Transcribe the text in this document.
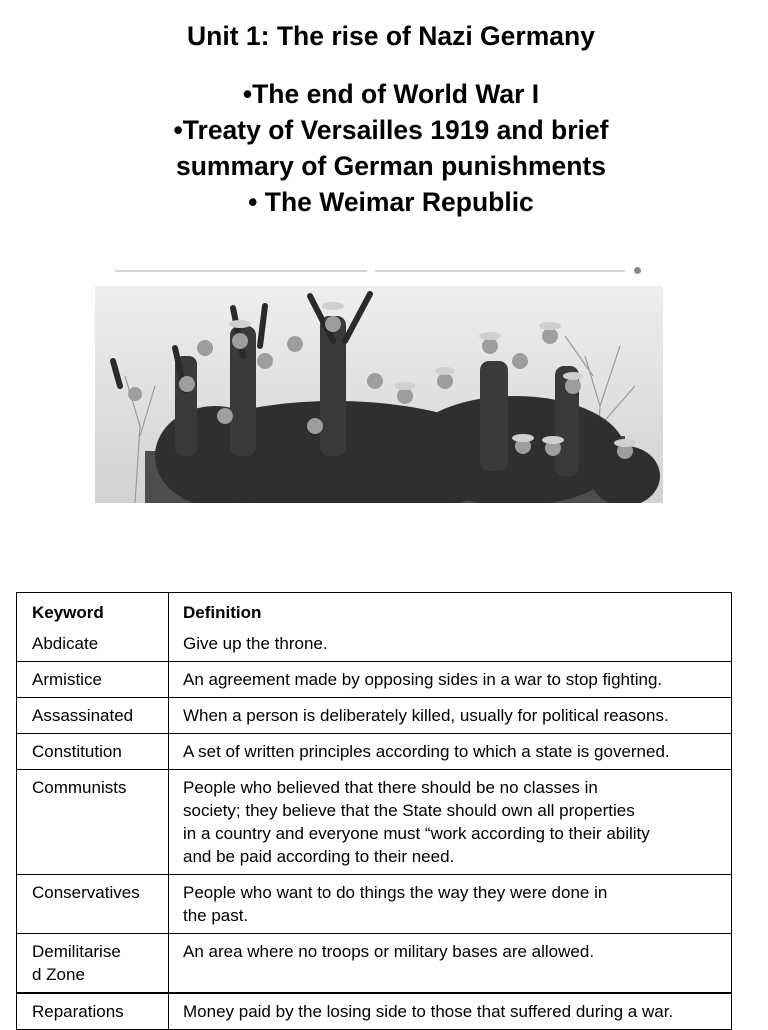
Unit 1: The rise of Nazi Germany
•The end of World War I
•Treaty of Versailles 1919 and brief
summary of German punishments
• The Weimar Republic
Keyword	Definition
Abdicate	Give up the throne.

Armistice	An agreement made by opposing sides in a war to stop fighting.

Assassinated	When a person is deliberately killed, usually for political reasons.

Constitution	A set of written principles according to which a state is governed.

Communists	People who believed that there should be no classes in
society; they believe that the State should own all properties
in a country and everyone must “work according to their ability
and be paid according to their need.

Conservatives	People who want to do things the way they were done in
the past.

Demilitarise
d Zone	An area where no troops or military bases are allowed.

Reparations	Money paid by the losing side to those that suffered during a war.
